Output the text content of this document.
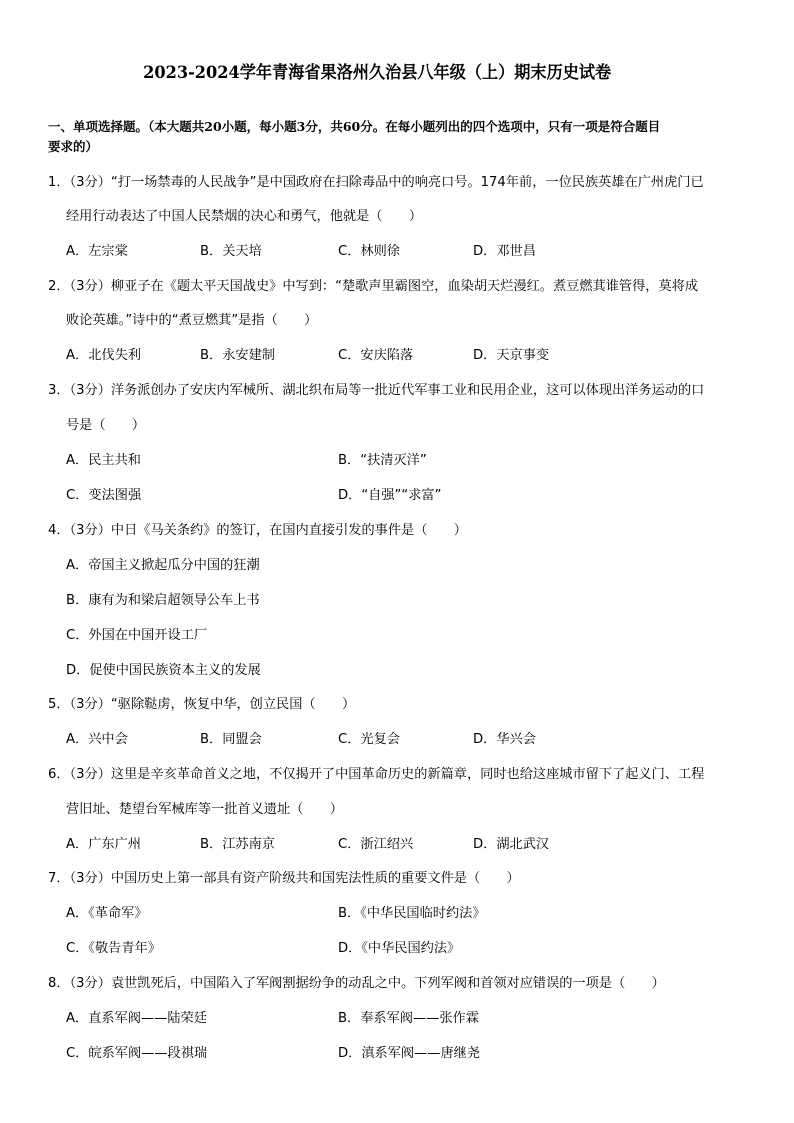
2023-2024学年青海省果洛州久治县八年级（上）期末历史试卷
一、单项选择题。（本大题共20小题，每小题3分，共60分。在每小题列出的四个选项中，只有一项是符合题目
要求的）
1．（3分）“打一场禁毒的人民战争”是中国政府在扫除毒品中的响亮口号。174年前，一位民族英雄在广州虎门已
经用行动表达了中国人民禁烟的决心和勇气，他就是（　　）
A．左宗棠	B．关天培	C．林则徐	D．邓世昌
2．（3分）柳亚子在《题太平天国战史》中写到：“楚歌声里霸图空，血染胡天烂漫红。煮豆燃萁谁管得，莫将成
败论英雄。”诗中的“煮豆燃萁”是指（　　）
A．北伐失利	B．永安建制	C．安庆陷落	D．天京事变
3．（3分）洋务派创办了安庆内军械所、湖北织布局等一批近代军事工业和民用企业，这可以体现出洋务运动的口
号是（　　）
A．民主共和	B．“扶清灭洋”
C．变法图强	D．“自强”“求富”
4．（3分）中日《马关条约》的签订，在国内直接引发的事件是（　　）
A．帝国主义掀起瓜分中国的狂潮
B．康有为和梁启超领导公车上书
C．外国在中国开设工厂
D．促使中国民族资本主义的发展
5．（3分）“驱除鞑虏，恢复中华，创立民国（　　）
A．兴中会	B．同盟会	C．光复会	D．华兴会
6．（3分）这里是辛亥革命首义之地，不仅揭开了中国革命历史的新篇章，同时也给这座城市留下了起义门、工程
营旧址、楚望台军械库等一批首义遗址（　　）
A．广东广州	B．江苏南京	C．浙江绍兴	D．湖北武汉
7．（3分）中国历史上第一部具有资产阶级共和国宪法性质的重要文件是（　　）
A．《革命军》	B．《中华民国临时约法》
C．《敬告青年》	D．《中华民国约法》
8．（3分）袁世凯死后，中国陷入了军阀割据纷争的动乱之中。下列军阀和首领对应错误的一项是（　　）
A．直系军阀——陆荣廷	B．奉系军阀——张作霖
C．皖系军阀——段祺瑞	D．滇系军阀——唐继尧
